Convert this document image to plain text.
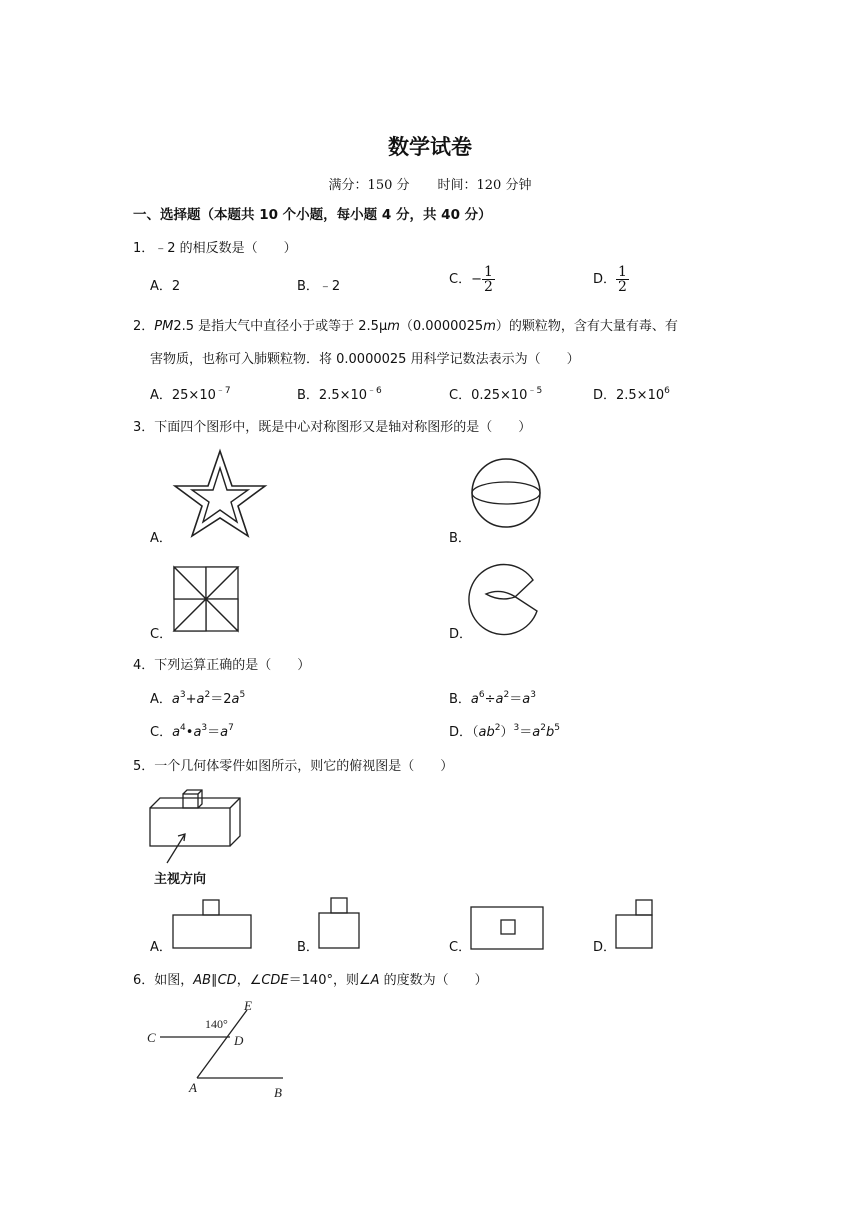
数学试卷
满分：150 分 时间：120 分钟
一、选择题（本题共 10 个小题，每小题 4 分，共 40 分）
1．﹣2 的相反数是（　　）
A．2	B．﹣2	C．− $\frac{1}{2}$	D． $\frac{1}{2}$
2．PM2.5 是指大气中直径小于或等于 2.5μm（0.0000025m）的颗粒物，含有大量有毒、有
害物质，也称可入肺颗粒物．将 0.0000025 用科学记数法表示为（　　）
A．$25\times 10^{﹣7}$	B．$2.5\times 10^{﹣6}$	C．$0.25\times 10^{﹣5}$	D．$2.5\times 10^6$
3．下面四个图形中，既是中心对称图形又是轴对称图形的是（　　）
A．	B．
C．	D．
4．下列运算正确的是（　　）
A．$a^3+a^2=2a^5$	B．$a^6\div a^2=a^3$
C．$a^4•a^3=a^7$	D．$(ab^2)^3=a^2b^5$
5．一个几何体零件如图所示，则它的俯视图是（　　）
主视方向
A．	B．	C．	D．
6．如图，AB∥CD，∠CDE＝140°，则∠A 的度数为（　　）
C	D
E
A	B
140°
